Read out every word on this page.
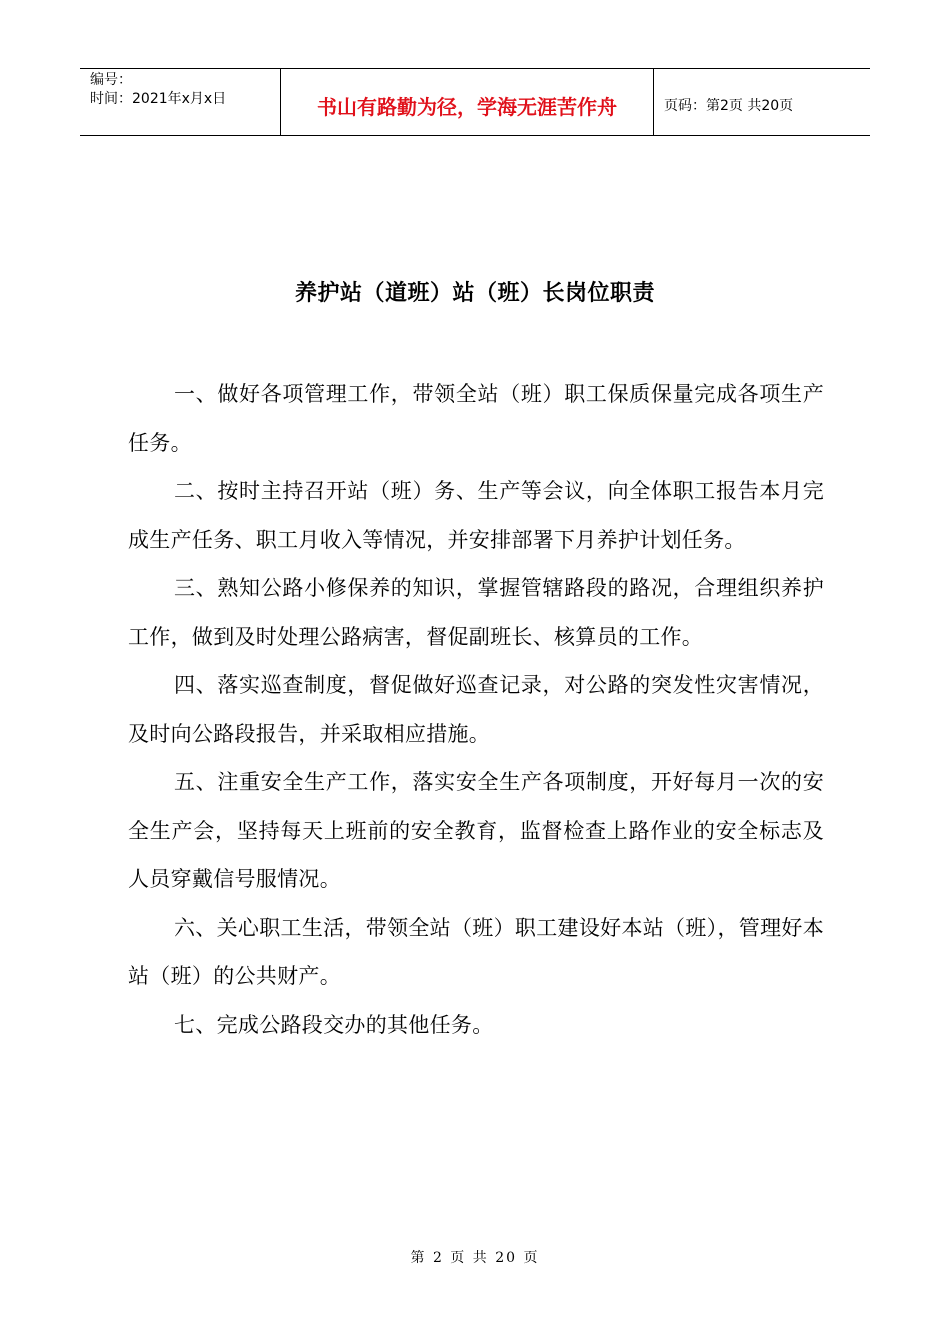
编号：
时间：2021年x月x日	书山有路勤为径，学海无涯苦作舟	页码：第2页 共20页
养护站（道班）站（班）长岗位职责

一、做好各项管理工作，带领全站（班）职工保质保量完成各项生产任务。

二、按时主持召开站（班）务、生产等会议，向全体职工报告本月完成生产任务、职工月收入等情况，并安排部署下月养护计划任务。

三、熟知公路小修保养的知识，掌握管辖路段的路况，合理组织养护工作，做到及时处理公路病害，督促副班长、核算员的工作。

四、落实巡查制度，督促做好巡查记录，对公路的突发性灾害情况，及时向公路段报告，并采取相应措施。

五、注重安全生产工作，落实安全生产各项制度，开好每月一次的安全生产会，坚持每天上班前的安全教育，监督检查上路作业的安全标志及人员穿戴信号服情况。

六、关心职工生活，带领全站（班）职工建设好本站（班），管理好本站（班）的公共财产。

七、完成公路段交办的其他任务。

第 2 页 共 20 页
